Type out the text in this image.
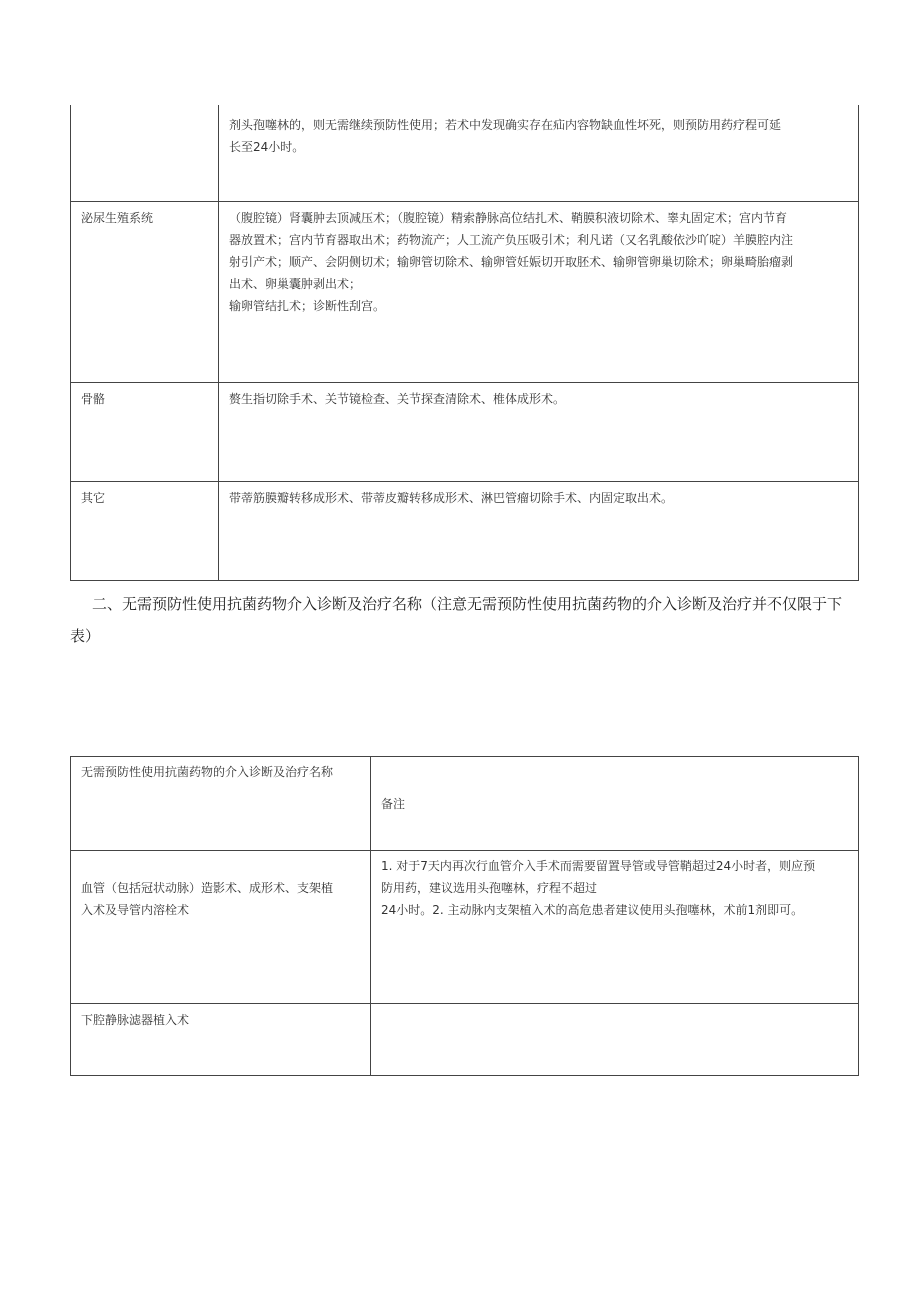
	剂头孢噻林的，则无需继续预防性使用；若术中发现确实存在疝内容物缺血性坏死，则预防用药疗程可延
长至24小时。

泌尿生殖系统	（腹腔镜）肾囊肿去顶减压术；（腹腔镜）精索静脉高位结扎术、鞘膜积液切除术、睾丸固定术；宫内节育
器放置术；宫内节育器取出术；药物流产；人工流产负压吸引术；利凡诺（又名乳酸依沙吖啶）羊膜腔内注
射引产术；顺产、会阴侧切术；输卵管切除术、输卵管妊娠切开取胚术、输卵管卵巢切除术；卵巢畸胎瘤剥
出术、卵巢囊肿剥出术；
输卵管结扎术；诊断性刮宫。

骨骼	赘生指切除手术、关节镜检查、关节探查清除术、椎体成形术。

其它	带蒂筋膜瓣转移成形术、带蒂皮瓣转移成形术、淋巴管瘤切除手术、内固定取出术。
二、无需预防性使用抗菌药物介入诊断及治疗名称（注意无需预防性使用抗菌药物的介入诊断及治疗并不仅限于下表）
无需预防性使用抗菌药物的介入诊断及治疗名称	备注

血管（包括冠状动脉）造影术、成形术、支架植
入术及导管内溶栓术	1. 对于7天内再次行血管介入手术而需要留置导管或导管鞘超过24小时者，则应预
防用药，建议选用头孢噻林，疗程不超过
24小时。2. 主动脉内支架植入术的高危患者建议使用头孢噻林，术前1剂即可。

下腔静脉滤器植入术	
